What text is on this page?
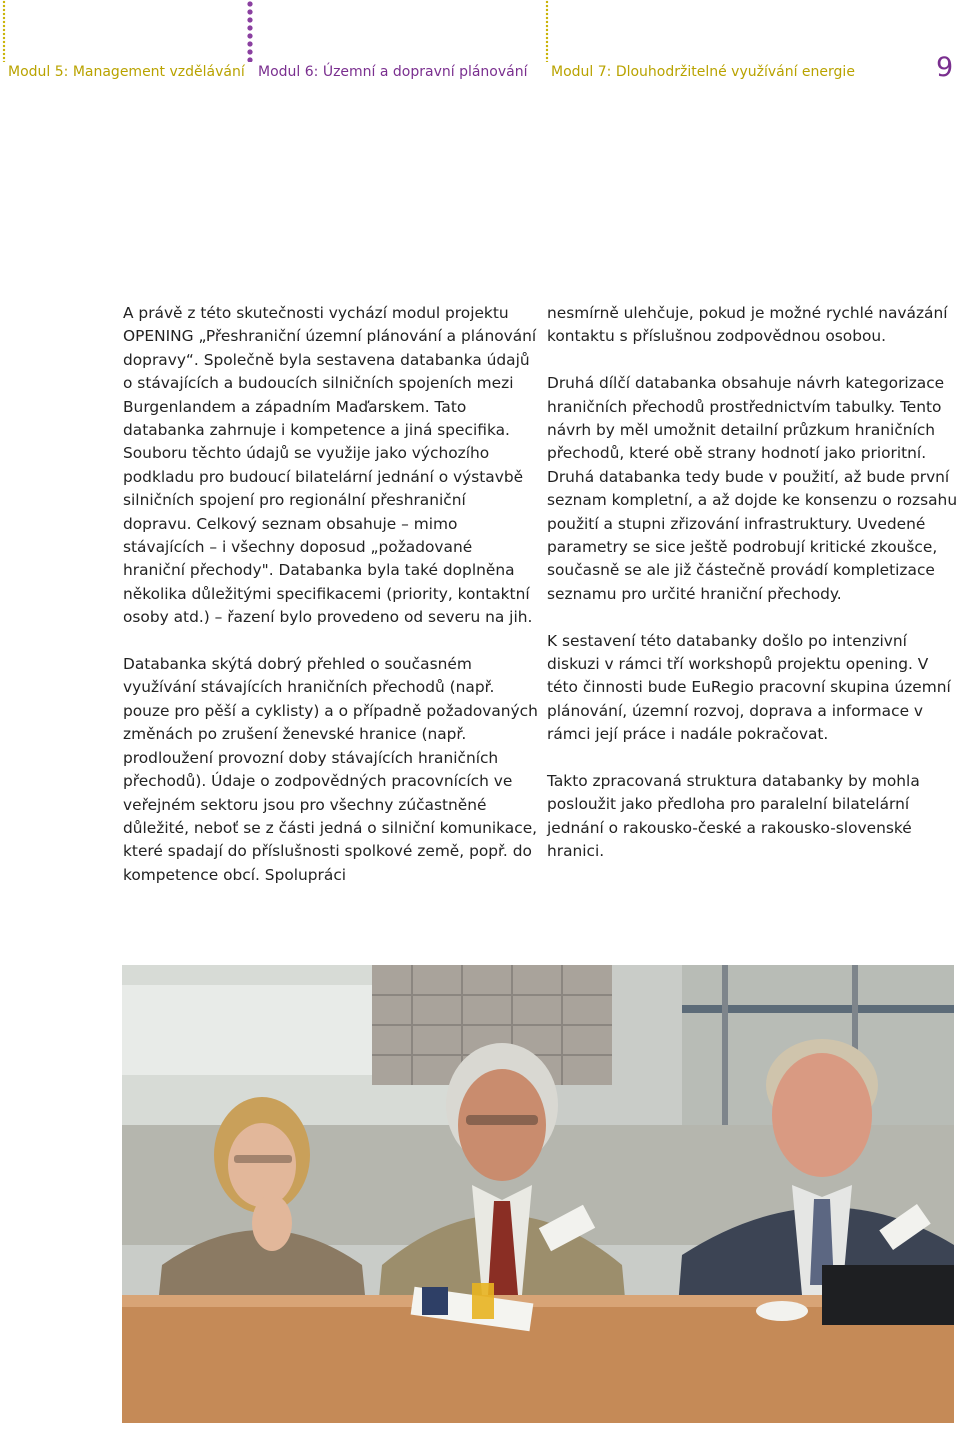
Modul 5: Management vzdělávání Modul 6: Územní a dopravní plánování Modul 7: Dlouhodržitelné využívání energie	9

A právě z této skutečnosti vychází modul projektu OPENING „Přeshraniční územní plánování a plánování dopravy“. Společně byla sestavena databanka údajů o stávajících a budoucích silničních spojeních mezi Burgenlandem a západním Maďarskem. Tato databanka zahrnuje i kompetence a jiná specifika. Souboru těchto údajů se využije jako výchozího podkladu pro budoucí bilatelární jednání o výstavbě silničních spojení pro regionální přeshraniční dopravu. Celkový seznam obsahuje – mimo stávajících – i všechny doposud „požadované hraniční přechody". Databanka byla také doplněna několika důležitými specifikacemi (priority, kontaktní osoby atd.) – řazení bylo provedeno od severu na jih.

Databanka skýtá dobrý přehled o současném využívání stávajících hraničních přechodů (např. pouze pro pěší a cyklisty) a o případně požadovaných změnách po zrušení ženevské hranice (např. prodloužení provozní doby stávajících hraničních přechodů). Údaje o zodpovědných pracovnících ve veřejném sektoru jsou pro všechny zúčastněné důležité, neboť se z části jedná o silniční komunikace, které spadají do příslušnosti spolkové země, popř. do kompetence obcí. Spolupráci

nesmírně ulehčuje, pokud je možné rychlé navázání kontaktu s příslušnou zodpovědnou osobou.

Druhá dílčí databanka obsahuje návrh kategorizace hraničních přechodů prostřednictvím tabulky. Tento návrh by měl umožnit detailní průzkum hraničních přechodů, které obě strany hodnotí jako prioritní. Druhá databanka tedy bude v použití, až bude první seznam kompletní, a až dojde ke konsenzu o rozsahu použití a stupni zřizování infrastruktury. Uvedené parametry se sice ještě podrobují kritické zkoušce, současně se ale již částečně provádí kompletizace seznamu pro určité hraniční přechody.

K sestavení této databanky došlo po intenzivní diskuzi v rámci tří workshopů projektu opening. V této činnosti bude EuRegio pracovní skupina územní plánování, územní rozvoj, doprava a informace v rámci její práce i nadále pokračovat.

Takto zpracovaná struktura databanky by mohla posloužit jako předloha pro paralelní bilatelární jednání o rakousko-české a rakousko-slovenské hranici.
